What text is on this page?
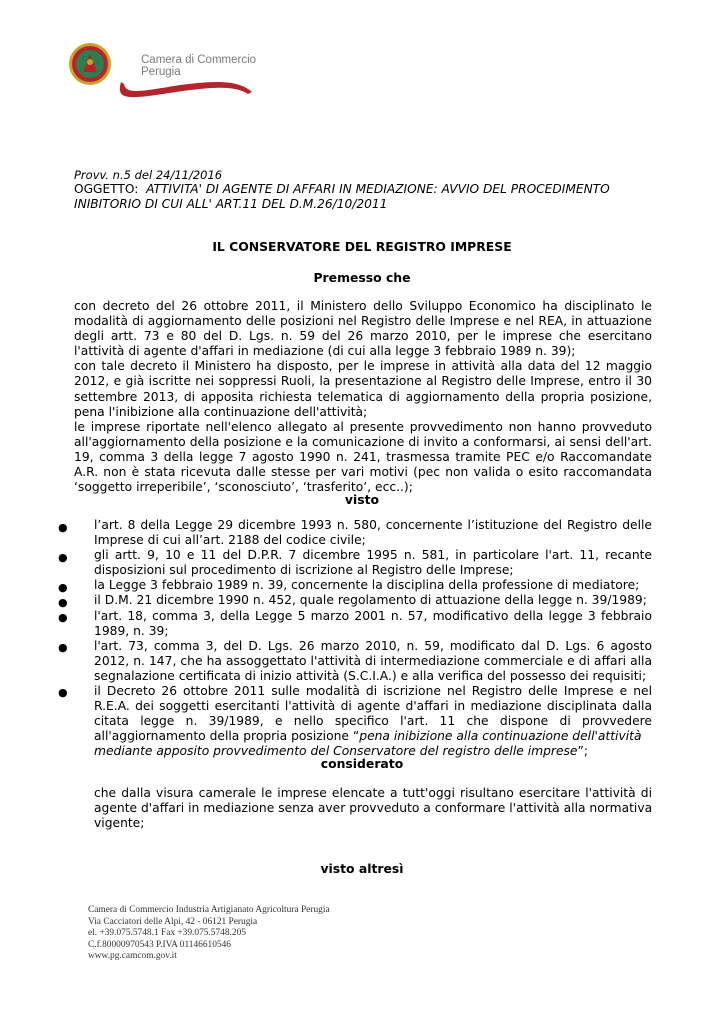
Camera di Commercio
Perugia
Provv. n.5 del 24/11/2016
OGGETTO: ATTIVITA' DI AGENTE DI AFFARI IN MEDIAZIONE: AVVIO DEL PROCEDIMENTO
INIBITORIO DI CUI ALL' ART.11 DEL D.M.26/10/2011
IL CONSERVATORE DEL REGISTRO IMPRESE
Premesso che
con decreto del 26 ottobre 2011, il Ministero dello Sviluppo Economico ha disciplinato le
modalità di aggiornamento delle posizioni nel Registro delle Imprese e nel REA, in attuazione
degli artt. 73 e 80 del D. Lgs. n. 59 del 26 marzo 2010, per le imprese che esercitano
l'attività di agente d'affari in mediazione (di cui alla legge 3 febbraio 1989 n. 39);
con tale decreto il Ministero ha disposto, per le imprese in attività alla data del 12 maggio
2012, e già iscritte nei soppressi Ruoli, la presentazione al Registro delle Imprese, entro il 30
settembre 2013, di apposita richiesta telematica di aggiornamento della propria posizione,
pena l'inibizione alla continuazione dell'attività;
le imprese riportate nell'elenco allegato al presente provvedimento non hanno provveduto
all'aggiornamento della posizione e la comunicazione di invito a conformarsi, ai sensi dell'art.
19, comma 3 della legge 7 agosto 1990 n. 241, trasmessa tramite PEC e/o Raccomandate
A.R. non è stata ricevuta dalle stesse per vari motivi (pec non valida o esito raccomandata
‘soggetto irreperibile’, ‘sconosciuto’, ‘trasferito’, ecc..);
visto
●
●
●
●
●
●
●
l’art. 8 della Legge 29 dicembre 1993 n. 580, concernente l’istituzione del Registro delle
Imprese di cui all’art. 2188 del codice civile;
gli artt. 9, 10 e 11 del D.P.R. 7 dicembre 1995 n. 581, in particolare l'art. 11, recante
disposizioni sul procedimento di iscrizione al Registro delle Imprese;
la Legge 3 febbraio 1989 n. 39, concernente la disciplina della professione di mediatore;
il D.M. 21 dicembre 1990 n. 452, quale regolamento di attuazione della legge n. 39/1989;
l'art. 18, comma 3, della Legge 5 marzo 2001 n. 57, modificativo della legge 3 febbraio
1989, n. 39;
l'art. 73, comma 3, del D. Lgs. 26 marzo 2010, n. 59, modificato dal D. Lgs. 6 agosto
2012, n. 147, che ha assoggettato l'attività di intermediazione commerciale e di affari alla
segnalazione certificata di inizio attività (S.C.I.A.) e alla verifica del possesso dei requisiti;
il Decreto 26 ottobre 2011 sulle modalità di iscrizione nel Registro delle Imprese e nel
R.E.A. dei soggetti esercitanti l'attività di agente d'affari in mediazione disciplinata dalla
citata legge n. 39/1989, e nello specifico l'art. 11 che dispone di provvedere
all'aggiornamento della propria posizione “pena inibizione alla continuazione dell'attività
mediante apposito provvedimento del Conservatore del registro delle imprese”;
considerato
che dalla visura camerale le imprese elencate a tutt'oggi risultano esercitare l'attività di
agente d'affari in mediazione senza aver provveduto a conformare l'attività alla normativa
vigente;
visto altresì
Camera di Commercio Industria Artigianato Agricoltura Perugia
Via Cacciatori delle Alpi, 42 - 06121 Perugia
el. +39.075.5748.1 Fax +39.075.5748.205
C.f.80000970543 P.IVA 01146610546
www.pg.camcom.gov.it
